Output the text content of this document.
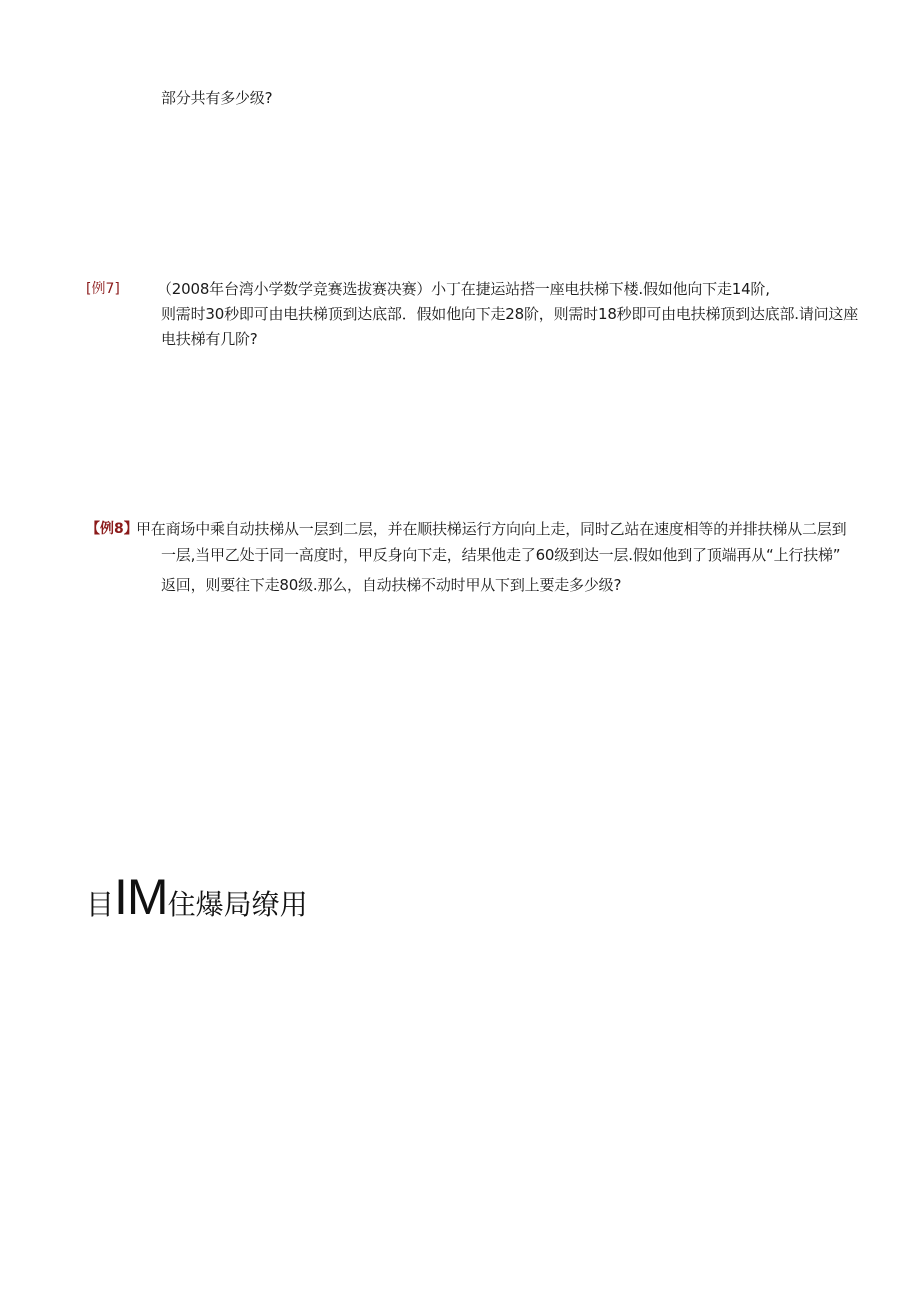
部分共有多少级?
[例7] （2008年台湾小学数学竞赛选拔赛决赛）小丁在捷运站搭一座电扶梯下楼.假如他向下走14阶,
则需时30秒即可由电扶梯顶到达底部．假如他向下走28阶，则需时18秒即可由电扶梯顶到达底部.请问这座
电扶梯有几阶?
【例8】
甲在商场中乘自动扶梯从一层到二层，并在顺扶梯运行方向向上走，同时乙站在速度相等的并排扶梯从二层到
一层,当甲乙处于同一高度时，甲反身向下走，结果他走了60级到达一层.假如他到了顶端再从“上行扶梯”
返回，则要往下走80级.那么，自动扶梯不动时甲从下到上要走多少级?
目IM住爆局缭用
